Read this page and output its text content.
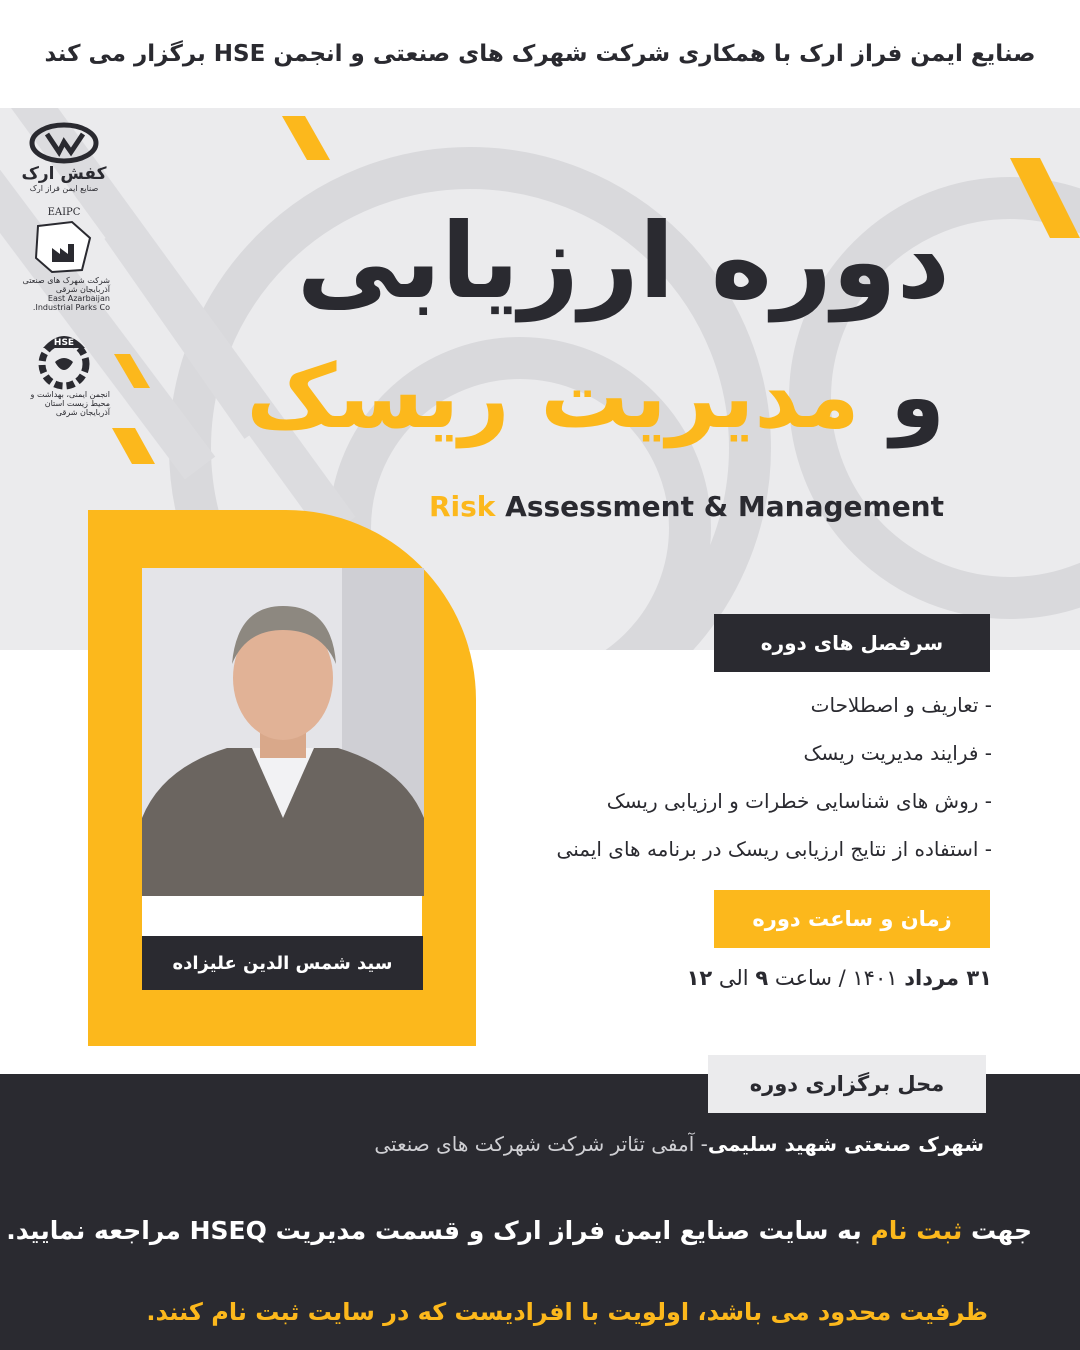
صنایع ایمن فراز ارک با همکاری شرکت شهرک های صنعتی و انجمن HSE برگزار می کند
کفش ارک
صنایع ایمن فراز ارک
EAIPC
شرکت شهرک های صنعتی آذربایجان شرقی
East Azarbaijan Industrial Parks Co.
HSE
انجمن ایمنی، بهداشت و محیط زیست استان آذربایجان شرقی
دوره ارزیابی
و مدیریت ریسک
Risk Assessment & Management
سید شمس الدین علیزاده
سرفصل های دوره
- تعاریف و اصطلاحات
- فرایند مدیریت ریسک
- روش های شناسایی خطرات و ارزیابی ریسک
- استفاده از نتایج ارزیابی ریسک در برنامه های ایمنی
زمان و ساعت دوره
۳۱ مرداد ۱۴۰۱ / ساعت ۹ الی ۱۲
محل برگزاری دوره
شهرک صنعتی شهید سلیمی- آمفی تئاتر شرکت شهرکت های صنعتی
جهت ثبت نام به سایت صنایع ایمن فراز ارک و قسمت مدیریت HSEQ مراجعه نمایید.
ظرفیت محدود می باشد، اولویت با افرادیست که در سایت ثبت نام کنند.
